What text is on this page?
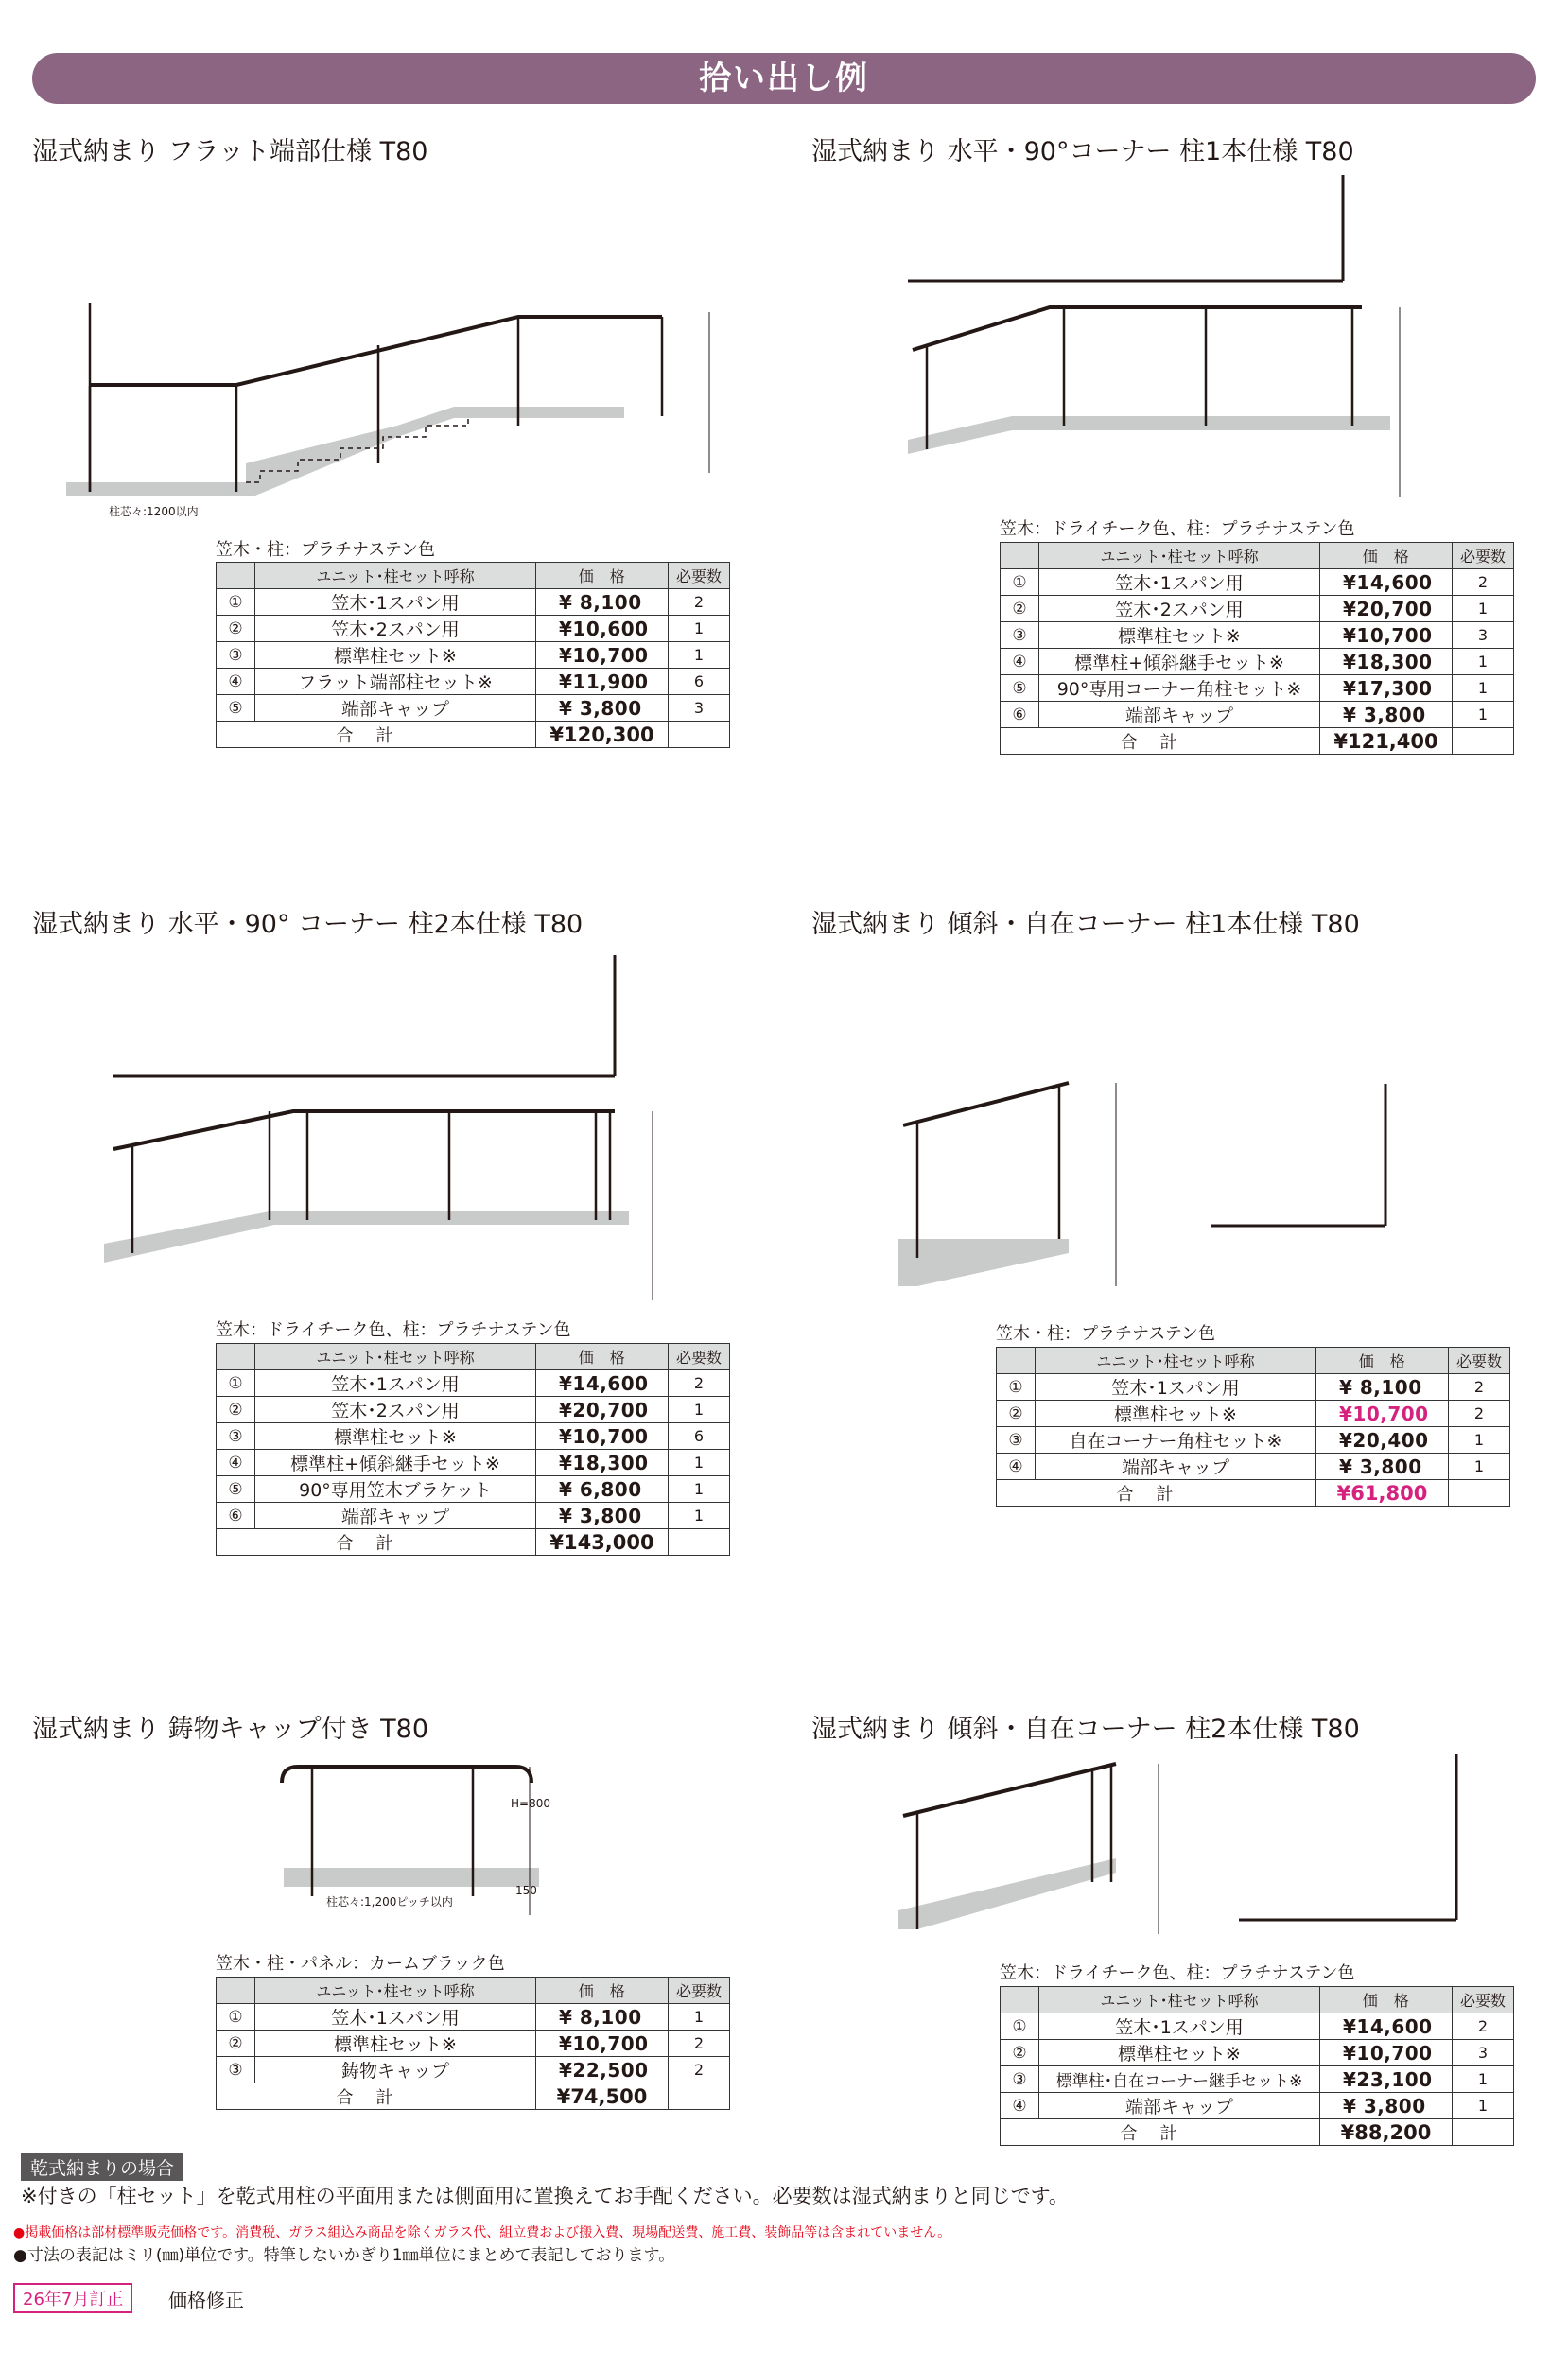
拾い出し例
湿式納まり フラット端部仕様 T80
笠木・柱：プラチナステン色
	ユニット･柱セット呼称	価　格	必要数
①	笠木･1スパン用	¥ 8,100	2
②	笠木･2スパン用	¥10,600	1
③	標準柱セット※	¥10,700	1
④	フラット端部柱セット※	¥11,900	6
⑤	端部キャップ	¥ 3,800	3
合計		¥120,300	
湿式納まり 水平・90°コーナー 柱1本仕様 T80
笠木：ドライチーク色、柱：プラチナステン色
	ユニット･柱セット呼称	価　格	必要数
①	笠木･1スパン用	¥14,600	2
②	笠木･2スパン用	¥20,700	1
③	標準柱セット※	¥10,700	3
④	標準柱+傾斜継手セット※	¥18,300	1
⑤	90°専用コーナー角柱セット※	¥17,300	1
⑥	端部キャップ	¥ 3,800	1
合計		¥121,400	
湿式納まり 水平・90° コーナー 柱2本仕様 T80
笠木：ドライチーク色、柱：プラチナステン色
	ユニット･柱セット呼称	価　格	必要数
①	笠木･1スパン用	¥14,600	2
②	笠木･2スパン用	¥20,700	1
③	標準柱セット※	¥10,700	6
④	標準柱+傾斜継手セット※	¥18,300	1
⑤	90°専用笠木ブラケット	¥ 6,800	1
⑥	端部キャップ	¥ 3,800	1
合計		¥143,000	
湿式納まり 傾斜・自在コーナー 柱1本仕様 T80
笠木・柱：プラチナステン色
	ユニット･柱セット呼称	価　格	必要数
①	笠木･1スパン用	¥ 8,100	2
②	標準柱セット※	¥10,700	2
③	自在コーナー角柱セット※	¥20,400	1
④	端部キャップ	¥ 3,800	1
合計		¥61,800	
湿式納まり 鋳物キャップ付き T80
笠木・柱・パネル：カームブラック色
	ユニット･柱セット呼称	価　格	必要数
①	笠木･1スパン用	¥ 8,100	1
②	標準柱セット※	¥10,700	2
③	鋳物キャップ	¥22,500	2
合計		¥74,500	
湿式納まり 傾斜・自在コーナー 柱2本仕様 T80
笠木：ドライチーク色、柱：プラチナステン色
	ユニット･柱セット呼称	価　格	必要数
①	笠木･1スパン用	¥14,600	2
②	標準柱セット※	¥10,700	3
③	標準柱･自在コーナー継手セット※	¥23,100	1
④	端部キャップ	¥ 3,800	1
合計		¥88,200	
柱芯々:1200以内
柱芯々:1,200ピッチ以内
H=800
150
乾式納まりの場合
※付きの「柱セット」を乾式用柱の平面用または側面用に置換えてお手配ください。必要数は湿式納まりと同じです。
●掲載価格は部材標準販売価格です。消費税、ガラス組込み商品を除くガラス代、組立費および搬入費、現場配送費、施工費、装飾品等は含まれていません。
●寸法の表記はミリ(㎜)単位です。特筆しないかぎり1㎜単位にまとめて表記しております。
26年7月訂正	価格修正
